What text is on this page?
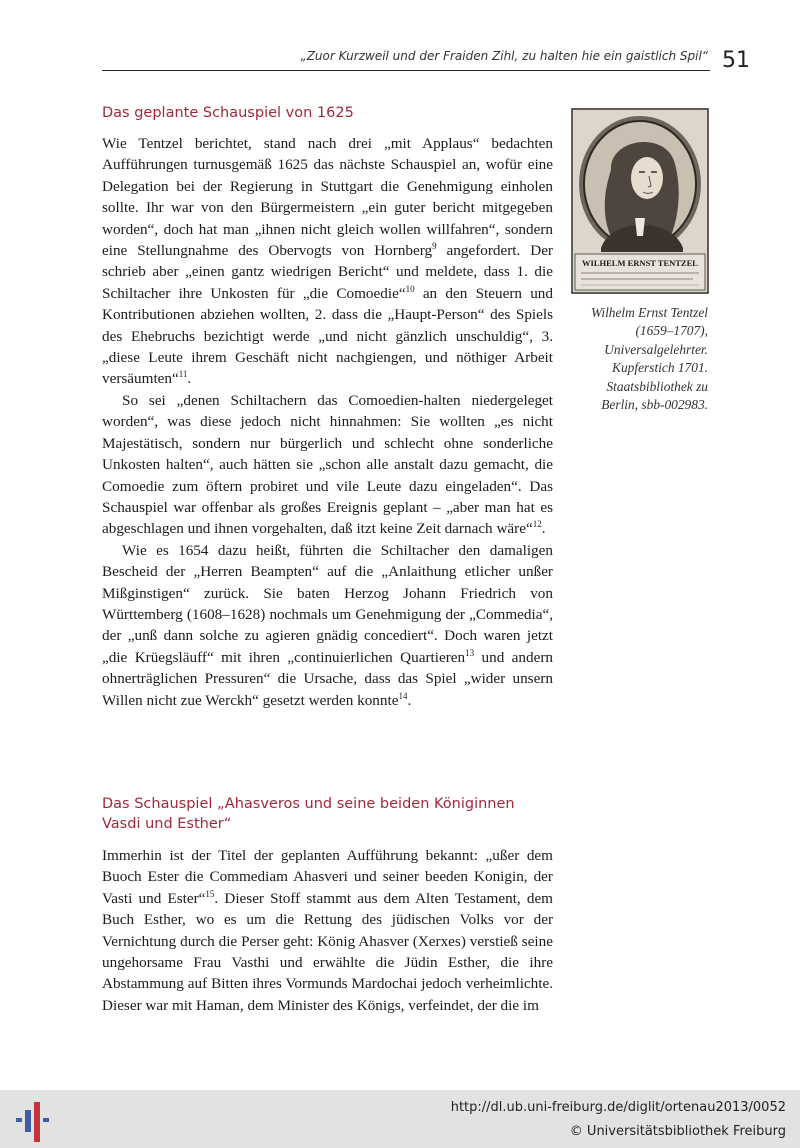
„Zuor Kurzweil und der Fraiden Zihl, zu halten hie ein gaistlich Spil“ 51
Das geplante Schauspiel von 1625

Wie Tentzel berichtet, stand nach drei „mit Applaus“ bedachten Aufführungen turnusgemäß 1625 das nächste Schauspiel an, wofür eine Delegation bei der Regierung in Stuttgart die Genehmigung einholen sollte. Ihr war von den Bürgermeistern „ein guter bericht mitgegeben worden“, doch hat man „ihnen nicht gleich wollen willfahren“, sondern eine Stellungnahme des Obervogts von Hornberg$^9$ angefordert. Der schrieb aber „einen gantz wiedrigen Bericht“ und meldete, dass 1. die Schiltacher ihre Unkosten für „die Comoedie“$^{10}$ an den Steuern und Kontributionen abziehen wollten, 2. dass die „Haupt-Person“ des Spiels des Ehebruchs bezichtigt werde „und nicht gänzlich unschuldig“, 3. „diese Leute ihrem Geschäft nicht nachgiengen, und nöthiger Arbeit versäumten“$^{11}$.

So sei „denen Schiltachern das Comoedien-halten niedergeleget worden“, was diese jedoch nicht hinnahmen: Sie wollten „es nicht Majestätisch, sondern nur bürgerlich und schlecht ohne sonderliche Unkosten halten“, auch hätten sie „schon alle anstalt dazu gemacht, die Comoedie zum öftern probiret und vile Leute dazu eingeladen“. Das Schauspiel war offenbar als großes Ereignis geplant – „aber man hat es abgeschlagen und ihnen vorgehalten, daß itzt keine Zeit darnach wäre“$^{12}$.

Wie es 1654 dazu heißt, führten die Schiltacher den damaligen Bescheid der „Herren Beampten“ auf die „Anlaithung etlicher unßer Mißginstigen“ zurück. Sie baten Herzog Johann Friedrich von Württemberg (1608–1628) nochmals um Genehmigung der „Commedia“, der „unß dann solche zu agieren gnädig concediert“. Doch waren jetzt „die Krüegsläuff“ mit ihren „continuierlichen Quartieren$^{13}$ und andern ohnerträglichen Pressuren“ die Ursache, dass das Spiel „wider unsern Willen nicht zue Werckh“ gesetzt werden konnte$^{14}$.

Das Schauspiel „Ahasveros und seine beiden Königinnen
Vasdi und Esther“

Immerhin ist der Titel der geplanten Aufführung bekannt: „ußer dem Buoch Ester die Commediam Ahasveri und seiner beeden Konigin, der Vasti und Ester“$^{15}$. Dieser Stoff stammt aus dem Alten Testament, dem Buch Esther, wo es um die Rettung des jüdischen Volks vor der Vernichtung durch die Perser geht: König Ahasver (Xerxes) verstieß seine ungehorsame Frau Vasthi und erwählte die Jüdin Esther, die ihre Abstammung auf Bitten ihres Vormunds Mardochai jedoch verheimlichte. Dieser war mit Haman, dem Minister des Königs, verfeindet, der die im

WILHELM ERNST TENTZEL
Wilhelm Ernst Tentzel
(1659–1707),
Universalgelehrter.
Kupferstich 1701.
Staatsbibliothek zu
Berlin, sbb-002983.
http://dl.ub.uni-freiburg.de/diglit/ortenau2013/0052
© Universitätsbibliothek Freiburg
